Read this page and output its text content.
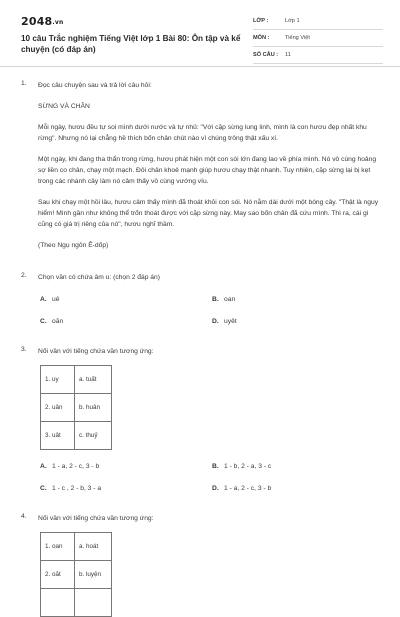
2048.vn
10 câu Trắc nghiệm Tiếng Việt lớp 1 Bài 80: Ôn tập và kể chuyện (có đáp án)
LỚP :	Lớp 1
MÔN :	Tiếng Việt
SỐ CÂU :	11
1. Đọc câu chuyện sau và trả lời câu hỏi:

SỪNG VÀ CHÂN

Mỗi ngày, hươu đều tự soi mình dưới nước và tự nhủ: "Với cặp sừng lung linh, mình là con hươu đẹp nhất khu rừng". Nhưng nó lại chẳng hề thích bốn chân chút nào vì chúng trông thật xấu xí.

Một ngày, khi đang tha thẩn trong rừng, hươu phát hiện một con sói lớn đang lao về phía mình. Nó vô cùng hoảng sợ liền co chân, chạy một mạch. Đôi chân khoẻ mạnh giúp hươu chạy thật nhanh. Tuy nhiên, cặp sừng lại bị kẹt trong các nhánh cây làm nó cảm thấy vô cùng vướng víu.

Sau khi chạy một hồi lâu, hươu cảm thấy mình đã thoát khỏi con sói. Nó nằm dài dưới một bóng cây. "Thật là nguy hiểm! Mình gần như không thể trốn thoát được với cặp sừng này. May sao bốn chân đã cứu mình. Thì ra, cái gì cũng có giá trị riêng của nó", hươu nghĩ thầm.

(Theo Ngụ ngôn Ê-dốp)

2. Chọn vần có chứa âm u: (chọn 2 đáp án)

A. uê	B. oan
C. oăn	D. uyêt
3. Nối vần với tiếng chứa vần tương ứng:

1. uy	a. tuất
2. uân	b. huân
3. uât	c. thuỷ
A. 1 - a, 2 - c, 3 - b	B. 1 - b, 2 - a, 3 - c
C. 1 - c , 2 - b, 3 - a	D. 1 - a, 2 - c, 3 - b
4. Nối vần với tiếng chứa vần tương ứng:

1. oan	a. hoát
2. oăt	b. luyện
